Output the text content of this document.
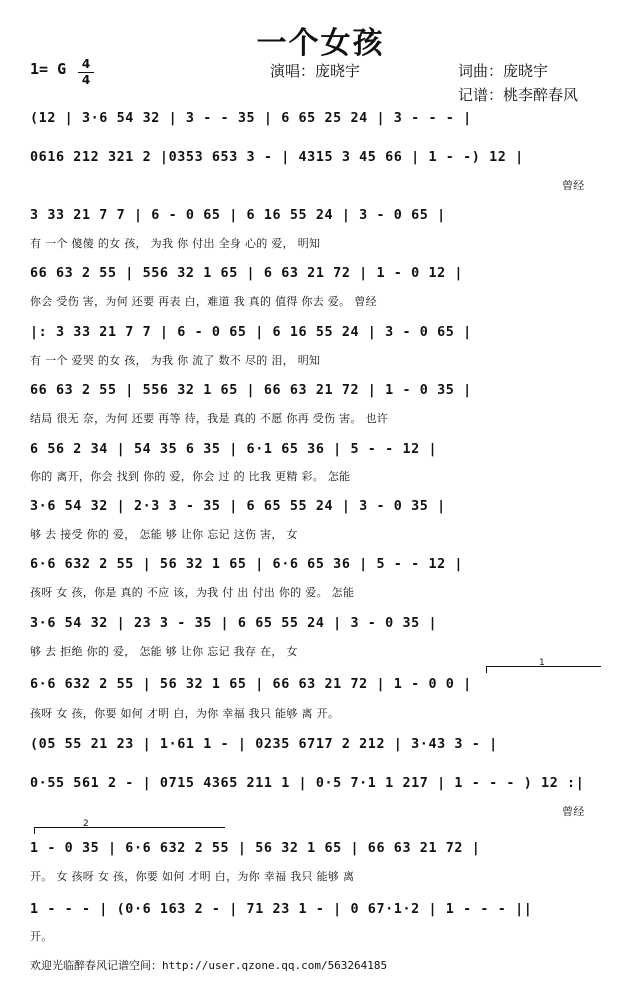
一个女孩
1= G	4
4	演唱：庞晓宇	词曲：庞晓宇
记谱：桃李醉春风
(12 | 3·6 54 32 | 3 - - 35 | 6 65 25 24 | 3 - - - |
0616 212 321 2 |0353 653 3 - | 4315 3 45 66 | 1 - -) 12 |
曾经
3 33 21 7 7 | 6 - 0 65 | 6 16 55 24 | 3 - 0 65 |
有 一个 傻傻 的女 孩， 为我 你 付出 全身 心的 爱， 明知
66 63 2 55 | 556 32 1 65 | 6 63 21 72 | 1 - 0 12 |
你会 受伤 害，为何 还要 再表 白，难道 我 真的 值得 你去 爱。 曾经
|: 3 33 21 7 7 | 6 - 0 65 | 6 16 55 24 | 3 - 0 65 |
有 一个 爱哭 的女 孩， 为我 你 流了 数不 尽的 泪， 明知
66 63 2 55 | 556 32 1 65 | 66 63 21 72 | 1 - 0 35 |
结局 很无 奈，为何 还要 再等 待，我是 真的 不愿 你再 受伤 害。 也许
6 56 2 34 | 54 35 6 35 | 6·1 65 36 | 5 - - 12 |
你的 离开，你会 找到 你的 爱，你会 过 的 比我 更精 彩。 怎能
3·6 54 32 | 2·3 3 - 35 | 6 65 55 24 | 3 - 0 35 |
够 去 接受 你的 爱， 怎能 够 让你 忘记 这伤 害， 女
6·6 632 2 55 | 56 32 1 65 | 6·6 65 36 | 5 - - 12 |
孩呀 女 孩，你是 真的 不应 该，为我 付 出 付出 你的 爱。 怎能
3·6 54 32 | 23 3 - 35 | 6 65 55 24 | 3 - 0 35 |
够 去 拒绝 你的 爱， 怎能 够 让你 忘记 我存 在， 女
1
6·6 632 2 55 | 56 32 1 65 | 66 63 21 72 | 1 - 0 0 |
孩呀 女 孩，你要 如何 才明 白，为你 幸福 我只 能够 离 开。
(05 55 21 23 | 1·61 1 - | 0235 6717 2 212 | 3·43 3 - |
0·55 561 2 - | 0715 4365 211 1 | 0·5 7·1 1 217 | 1 - - - ) 12 :|
曾经
2
1 - 0 35 | 6·6 632 2 55 | 56 32 1 65 | 66 63 21 72 |
开。 女 孩呀 女 孩，你要 如何 才明 白，为你 幸福 我只 能够 离
1 - - - | (0·6 163 2 - | 71 23 1 - | 0 67·1·2 | 1 - - - ||
开。
欢迎光临醉春风记谱空间：http://user.qzone.qq.com/563264185
